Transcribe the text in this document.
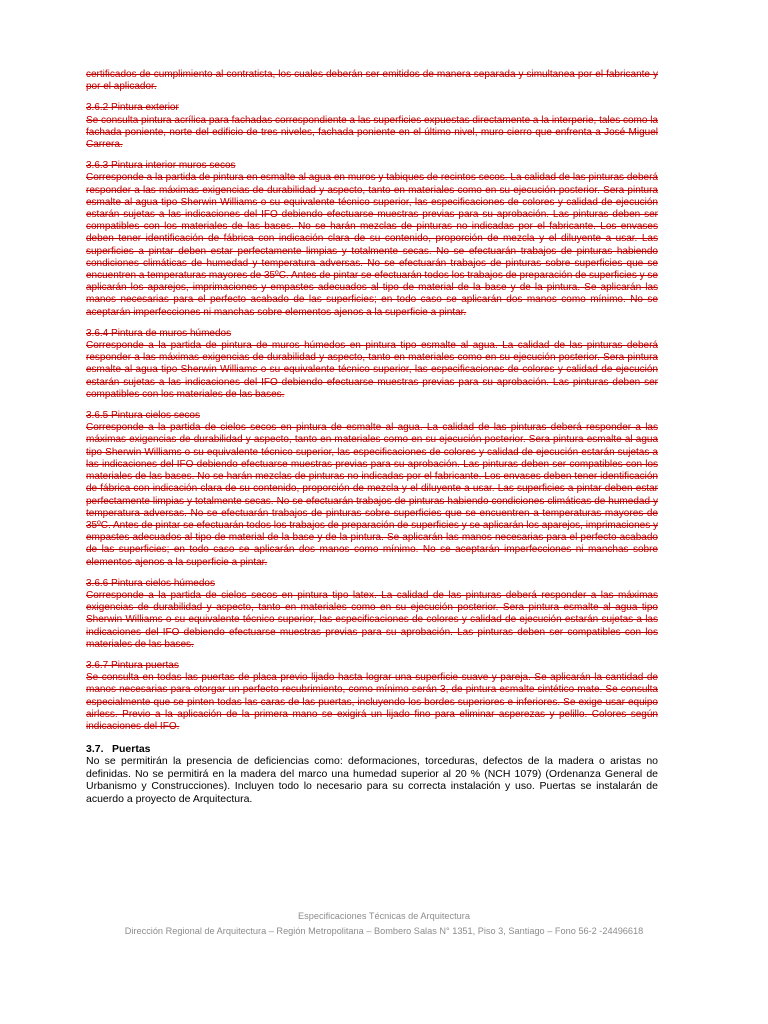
certificados de cumplimiento al contratista, los cuales deberán ser emitidos de manera separada y simultanea por el fabricante y por el aplicador.

3.6.2 Pintura exterior

Se consulta pintura acrílica para fachadas correspondiente a las superficies expuestas directamente a la interperie, tales como la fachada poniente, norte del edificio de tres niveles, fachada poniente en el último nivel, muro cierro que enfrenta a José Miguel Carrera.

3.6.3 Pintura interior muros secos

Corresponde a la partida de pintura en esmalte al agua en muros y tabiques de recintos secos. La calidad de las pinturas deberá responder a las máximas exigencias de durabilidad y aspecto, tanto en materiales como en su ejecución posterior. Sera pintura esmalte al agua tipo Sherwin Williams o su equivalente técnico superior, las especificaciones de colores y calidad de ejecución estarán sujetas a las indicaciones del IFO debiendo efectuarse muestras previas para su aprobación. Las pinturas deben ser compatibles con los materiales de las bases. No se harán mezclas de pinturas no indicadas por el fabricante. Los envases deben tener identificación de fábrica con indicación clara de su contenido, proporción de mezcla y el diluyente a usar. Las superficies a pintar deben estar perfectamente limpias y totalmente secas. No se efectuarán trabajos de pinturas habiendo condiciones climáticas de humedad y temperatura adversas. No se efectuarán trabajos de pinturas sobre superficies que se encuentren a temperaturas mayores de 35ºC. Antes de pintar se efectuarán todos los trabajos de preparación de superficies y se aplicarán los aparejos, imprimaciones y empastes adecuados al tipo de material de la base y de la pintura. Se aplicarán las manos necesarias para el perfecto acabado de las superficies; en todo caso se aplicarán dos manos como mínimo. No se aceptarán imperfecciones ni manchas sobre elementos ajenos a la superficie a pintar.

3.6.4 Pintura de muros húmedos

Corresponde a la partida de pintura de muros húmedos en pintura tipo esmalte al agua. La calidad de las pinturas deberá responder a las máximas exigencias de durabilidad y aspecto, tanto en materiales como en su ejecución posterior. Sera pintura esmalte al agua tipo Sherwin Williams o su equivalente técnico superior, las especificaciones de colores y calidad de ejecución estarán sujetas a las indicaciones del IFO debiendo efectuarse muestras previas para su aprobación. Las pinturas deben ser compatibles con los materiales de las bases.

3.6.5 Pintura cielos secos

Corresponde a la partida de cielos secos en pintura de esmalte al agua. La calidad de las pinturas deberá responder a las máximas exigencias de durabilidad y aspecto, tanto en materiales como en su ejecución posterior. Sera pintura esmalte al agua tipo Sherwin Williams o su equivalente técnico superior, las especificaciones de colores y calidad de ejecución estarán sujetas a las indicaciones del IFO debiendo efectuarse muestras previas para su aprobación. Las pinturas deben ser compatibles con los materiales de las bases. No se harán mezclas de pinturas no indicadas por el fabricante. Los envases deben tener identificación de fábrica con indicación clara de su contenido, proporción de mezcla y el diluyente a usar. Las superficies a pintar deben estar perfectamente limpias y totalmente secas. No se efectuarán trabajos de pinturas habiendo condiciones climáticas de humedad y temperatura adversas. No se efectuarán trabajos de pinturas sobre superficies que se encuentren a temperaturas mayores de 35ºC. Antes de pintar se efectuarán todos los trabajos de preparación de superficies y se aplicarán los aparejos, imprimaciones y empastes adecuados al tipo de material de la base y de la pintura. Se aplicarán las manos necesarias para el perfecto acabado de las superficies; en todo caso se aplicarán dos manos como mínimo. No se aceptarán imperfecciones ni manchas sobre elementos ajenos a la superficie a pintar.

3.6.6 Pintura cielos húmedos

Corresponde a la partida de cielos secos en pintura tipo latex. La calidad de las pinturas deberá responder a las máximas exigencias de durabilidad y aspecto, tanto en materiales como en su ejecución posterior. Sera pintura esmalte al agua tipo Sherwin Williams o su equivalente técnico superior, las especificaciones de colores y calidad de ejecución estarán sujetas a las indicaciones del IFO debiendo efectuarse muestras previas para su aprobación. Las pinturas deben ser compatibles con los materiales de las bases.

3.6.7 Pintura puertas

Se consulta en todas las puertas de placa previo lijado hasta lograr una superficie suave y pareja. Se aplicarán la cantidad de manos necesarias para otorgar un perfecto recubrimiento, como mínimo serán 3, de pintura esmalte sintético mate. Se consulta especialmente que se pinten todas las caras de las puertas, incluyendo los bordes superiores e inferiores. Se exige usar equipo airless. Previo a la aplicación de la primera mano se exigirá un lijado fino para eliminar asperezas y pelillo. Colores según indicaciones del IFO.

3.7. Puertas

No se permitirán la presencia de deficiencias como: deformaciones, torceduras, defectos de la madera o aristas no definidas. No se permitirá en la madera del marco una humedad superior al 20 % (NCH 1079) (Ordenanza General de Urbanismo y Construcciones). Incluyen todo lo necesario para su correcta instalación y uso. Puertas se instalarán de acuerdo a proyecto de Arquitectura.

Especificaciones Técnicas de Arquitectura
Dirección Regional de Arquitectura – Región Metropolitana – Bombero Salas N° 1351, Piso 3, Santiago – Fono 56-2 -24496618
